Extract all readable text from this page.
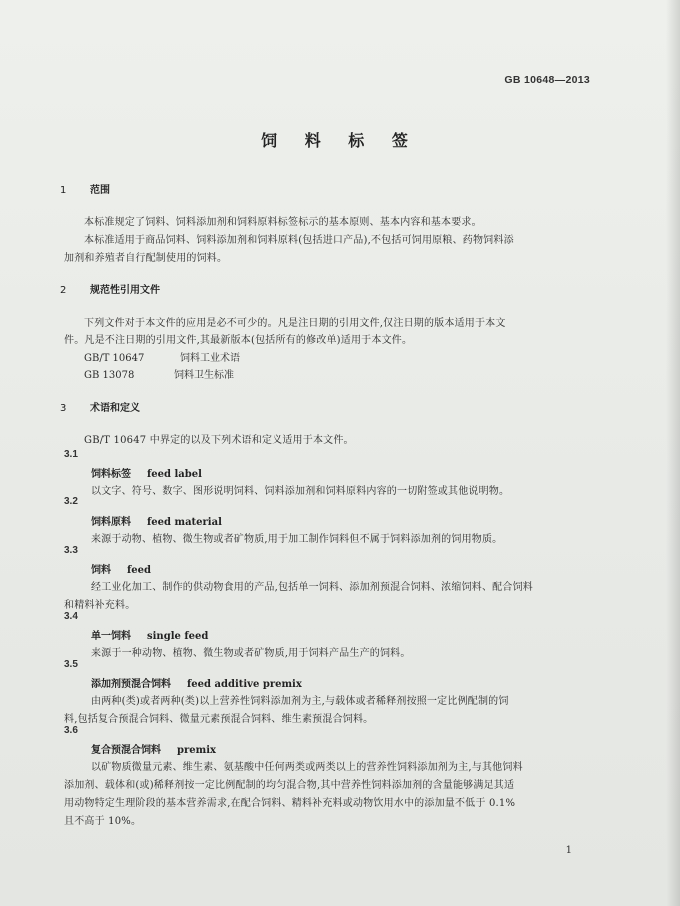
GB 10648—2013
饲 料 标 签
1 范围
本标准规定了饲料、饲料添加剂和饲料原料标签标示的基本原则、基本内容和基本要求。
本标准适用于商品饲料、饲料添加剂和饲料原料(包括进口产品),不包括可饲用原粮、药物饲料添
加剂和养殖者自行配制使用的饲料。
2 规范性引用文件
下列文件对于本文件的应用是必不可少的。凡是注日期的引用文件,仅注日期的版本适用于本文
件。凡是不注日期的引用文件,其最新版本(包括所有的修改单)适用于本文件。
GB/T 10647	饲料工业术语
GB 13078	饲料卫生标准
3 术语和定义
GB/T 10647 中界定的以及下列术语和定义适用于本文件。
3.1
饲料标签 feed label
以文字、符号、数字、图形说明饲料、饲料添加剂和饲料原料内容的一切附签或其他说明物。
3.2
饲料原料 feed material
来源于动物、植物、微生物或者矿物质,用于加工制作饲料但不属于饲料添加剂的饲用物质。
3.3
饲料 feed
经工业化加工、制作的供动物食用的产品,包括单一饲料、添加剂预混合饲料、浓缩饲料、配合饲料
和精料补充料。
3.4
单一饲料 single feed
来源于一种动物、植物、微生物或者矿物质,用于饲料产品生产的饲料。
3.5
添加剂预混合饲料 feed additive premix
由两种(类)或者两种(类)以上营养性饲料添加剂为主,与载体或者稀释剂按照一定比例配制的饲
料,包括复合预混合饲料、微量元素预混合饲料、维生素预混合饲料。
3.6
复合预混合饲料 premix
以矿物质微量元素、维生素、氨基酸中任何两类或两类以上的营养性饲料添加剂为主,与其他饲料
添加剂、载体和(或)稀释剂按一定比例配制的均匀混合物,其中营养性饲料添加剂的含量能够满足其适
用动物特定生理阶段的基本营养需求,在配合饲料、精料补充料或动物饮用水中的添加量不低于 0.1%
且不高于 10%。
1
